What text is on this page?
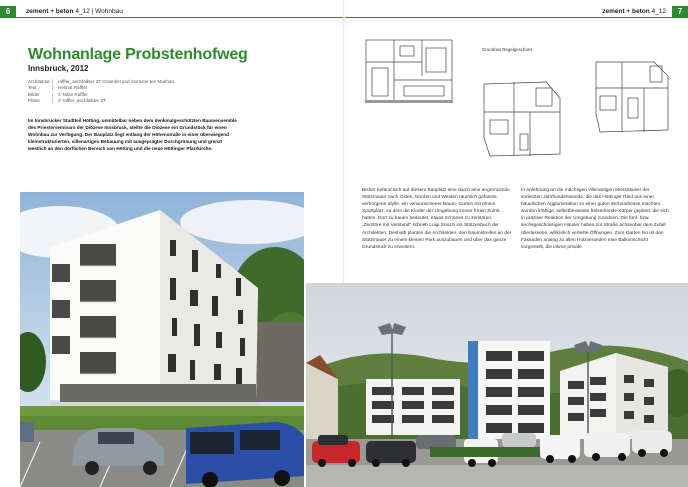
6	zement + beton 4_12 | Wohnbau	zement + beton 4_12	7
Wohnanlage Probstenhofweg
Innsbruck, 2012
Architektur |	raffler_aschfalkter ZT GesmbH und morsime ten Maehan
Text	|	Helmut Raffler
Bilder	|	© Nilan Raffler
Pläne	|	© raffler_aschfalkter ZT
Im Innsbrucker Stadtteil Hötting, unmittelbar neben dem denkmalgeschützten Baumensemble des Priesterseminars der Diözese Innsbruck, stellte die Diözese ein Grundstück für einen Wohnbau zur Verfügung. Der Bauplatz liegt entlang der Höhenstraße in einer überwiegend kleinstrukturierten, villenartigen Bebauung mit ausgeprägter Durchgrünung und grenzt westlich an den dörflichen Bereich von Hötting und die neue Höttinger Pfarrkirche.
Grundriss Regelgeschoss
Bisher befand sich auf diesem Bauplatz eine durch eine angrenzende Stützmauer nach Osten, Norden und Westen räumlich gefasste, verborgene Idylle, ein verwunschener Baum- Garten mit einem Sportplatz, zu dem die Kinder der Umgebung immer freien Zutritt hatten. Dort zu bauen bedeutet, etwas Schönes zu zerstören. „Zerstöre mit Verstand" schrieb Luigi Snozzi ins Stützenbuch der Architekten. Deshalb planten die Architekten, den Baumstreifen an der Stützmauer zu einem kleinen Park auszubauen und über das ganze Grundstück zu erweitern.
In Anlehnung an die mächtigen villenartigen Mietshäuser der vorletzten Jahrhundertwende, die das Höttinger Ried aus einer bäuerlichen Agglomeration zu einer guten Wohnadresse machten, wurden kräftige, selbstbewusste freistehende Körper geplant, die sich in präziser Reaktion der Umgebung zuordnen. Die fünf- bzw. sechsgeschossigen Häuser haben zur Straße achsenbar dem Zufall überlassene, willkürlich verteilte Öffnungen. Zum Garten hin ist den Fassaden analog zu allen Holzveranden eine Balkonschicht vorgestellt, die intime private
